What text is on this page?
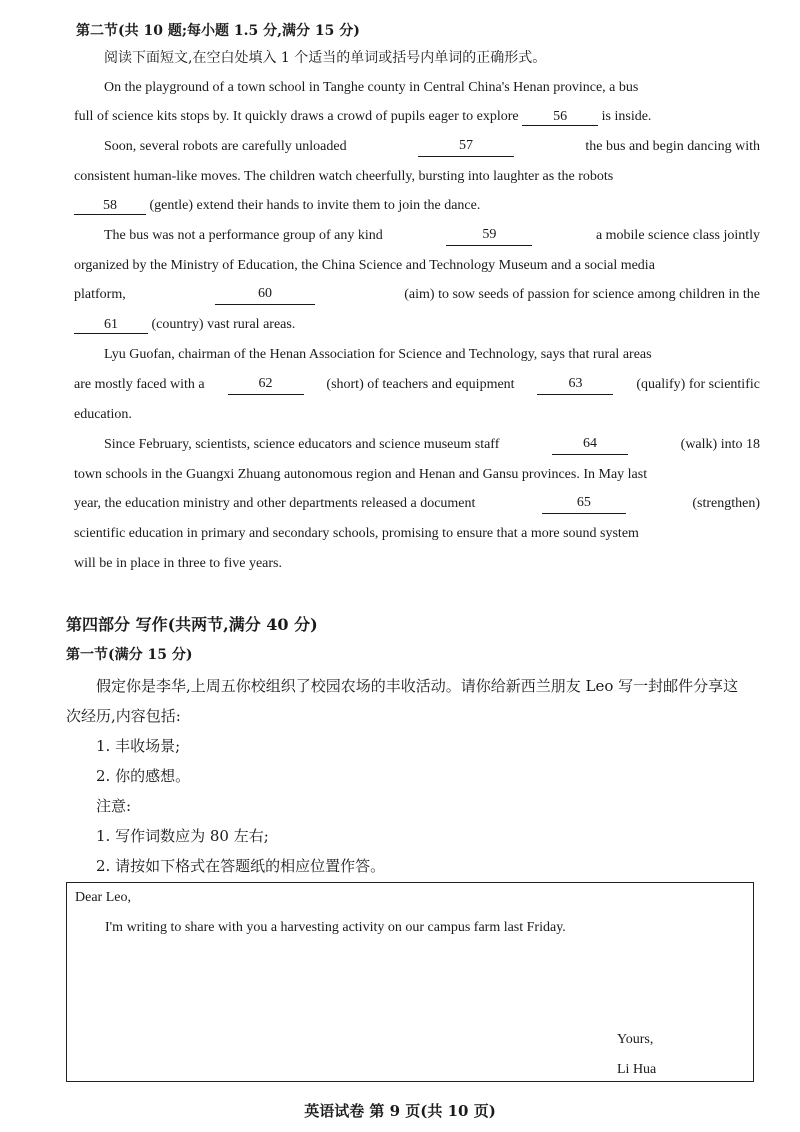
第二节(共 10 题;每小题 1.5 分,满分 15 分)
阅读下面短文,在空白处填入 1 个适当的单词或括号内单词的正确形式。
On the playground of a town school in Tanghe county in Central China's Henan province, a bus
full of science kits stops by. It quickly draws a crowd of pupils eager to explore 56 is inside.
Soon, several robots are carefully unloaded	57	the bus and begin dancing with
consistent human-like moves. The children watch cheerfully, bursting into laughter as the robots
58 (gentle) extend their hands to invite them to join the dance.
The bus was not a performance group of any kind	59	a mobile science class jointly
organized by the Ministry of Education, the China Science and Technology Museum and a social media
platform,	60	(aim) to sow seeds of passion for science among children in the
61 (country) vast rural areas.
Lyu Guofan, chairman of the Henan Association for Science and Technology, says that rural areas
are mostly faced with a	62	(short) of teachers and equipment	63	(qualify) for scientific
education.
Since February, scientists, science educators and science museum staff	64	(walk) into 18
town schools in the Guangxi Zhuang autonomous region and Henan and Gansu provinces. In May last
year, the education ministry and other departments released a document	65	(strengthen)
scientific education in primary and secondary schools, promising to ensure that a more sound system
will be in place in three to five years.
第四部分 写作(共两节,满分 40 分)
第一节(满分 15 分)
假定你是李华,上周五你校组织了校园农场的丰收活动。请你给新西兰朋友 Leo 写一封邮件分享这
次经历,内容包括:
1. 丰收场景;
2. 你的感想。
注意:
1. 写作词数应为 80 左右;
2. 请按如下格式在答题纸的相应位置作答。
Dear Leo,
I'm writing to share with you a harvesting activity on our campus farm last Friday.
Yours,
Li Hua
英语试卷 第 9 页(共 10 页)
